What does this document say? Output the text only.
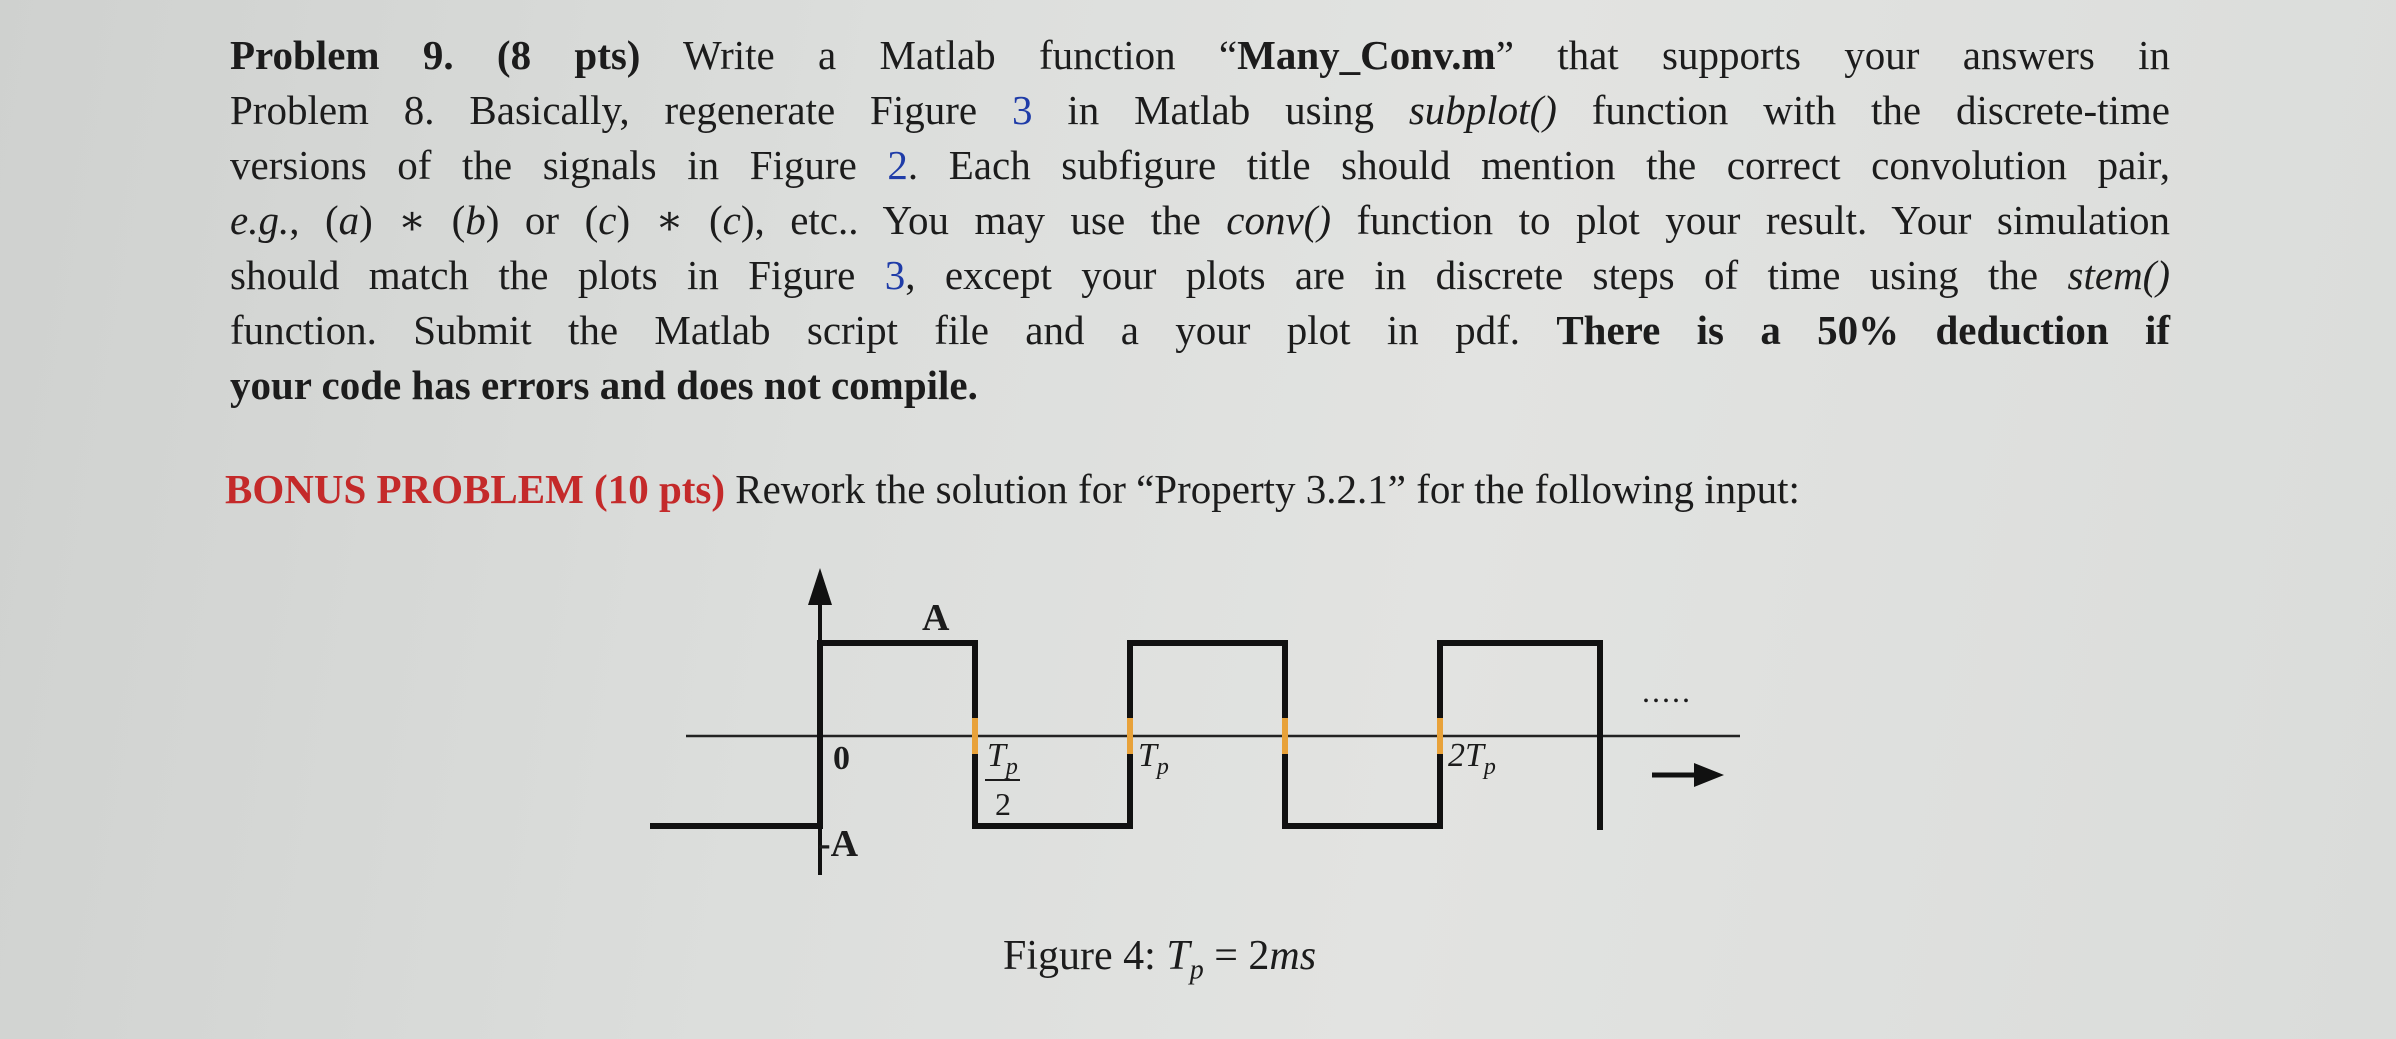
Problem 9. (8 pts) Write a Matlab function “Many_Conv.m” that supports your answers in
Problem 8. Basically, regenerate Figure 3 in Matlab using subplot() function with the discrete-time
versions of the signals in Figure 2. Each subfigure title should mention the correct convolution pair,
e.g., (a) ∗ (b) or (c) ∗ (c), etc.. You may use the conv() function to plot your result. Your simulation
should match the plots in Figure 3, except your plots are in discrete steps of time using the stem()
function. Submit the Matlab script file and a your plot in pdf. There is a 50% deduction if
your code has errors and does not compile.
BONUS PROBLEM (10 pts) Rework the solution for “Property 3.2.1” for the following input:
A
-A
0	$T_p$
2
$T_p$	$2T_p$
.....
Figure 4: $T_p = 2ms$
